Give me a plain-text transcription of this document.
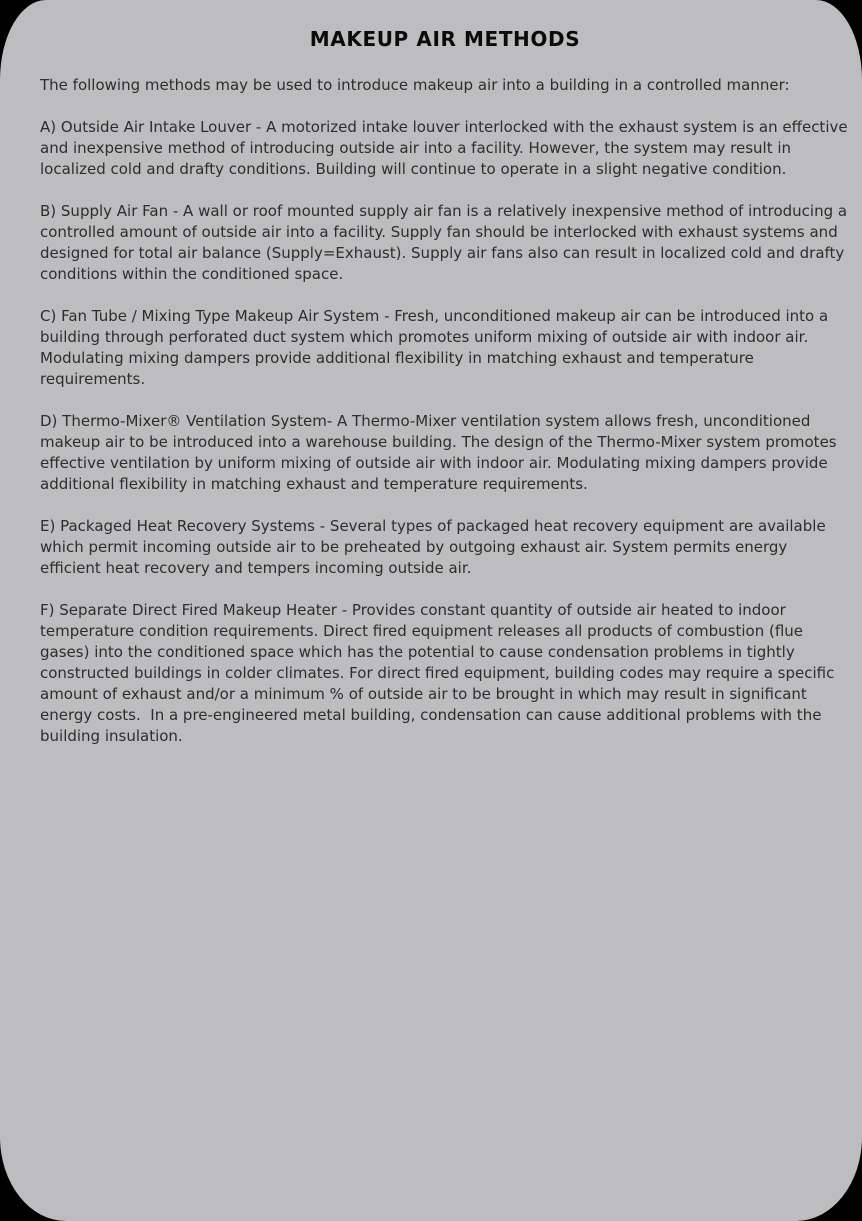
MAKEUP AIR METHODS

The following methods may be used to introduce makeup air into a building in a controlled manner:

A) Outside Air Intake Louver - A motorized intake louver interlocked with the exhaust system is an effective and inexpensive method of introducing outside air into a facility. However, the system may result in localized cold and drafty conditions. Building will continue to operate in a slight negative condition.

B) Supply Air Fan - A wall or roof mounted supply air fan is a relatively inexpensive method of introducing a controlled amount of outside air into a facility. Supply fan should be interlocked with exhaust systems and designed for total air balance (Supply=Exhaust). Supply air fans also can result in localized cold and drafty conditions within the conditioned space.

C) Fan Tube / Mixing Type Makeup Air System - Fresh, unconditioned makeup air can be introduced into a building through perforated duct system which promotes uniform mixing of outside air with indoor air. Modulating mixing dampers provide additional flexibility in matching exhaust and temperature requirements.

D) Thermo-Mixer® Ventilation System- A Thermo-Mixer ventilation system allows fresh, unconditioned makeup air to be introduced into a warehouse building. The design of the Thermo-Mixer system promotes effective ventilation by uniform mixing of outside air with indoor air. Modulating mixing dampers provide additional flexibility in matching exhaust and temperature requirements.

E) Packaged Heat Recovery Systems - Several types of packaged heat recovery equipment are available which permit incoming outside air to be preheated by outgoing exhaust air. System permits energy efficient heat recovery and tempers incoming outside air.

F) Separate Direct Fired Makeup Heater - Provides constant quantity of outside air heated to indoor temperature condition requirements. Direct fired equipment releases all products of combustion (flue gases) into the conditioned space which has the potential to cause condensation problems in tightly constructed buildings in colder climates. For direct fired equipment, building codes may require a specific amount of exhaust and/or a minimum % of outside air to be brought in which may result in significant energy costs.  In a pre-engineered metal building, condensation can cause additional problems with the building insulation.
